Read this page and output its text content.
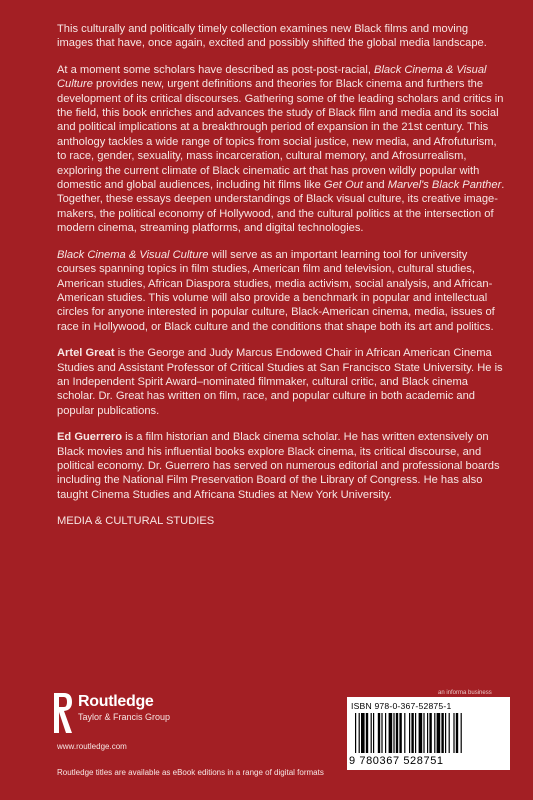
This culturally and politically timely collection examines new Black films and moving images that have, once again, excited and possibly shifted the global media landscape.

At a moment some scholars have described as post-post-racial, Black Cinema & Visual Culture provides new, urgent definitions and theories for Black cinema and furthers the development of its critical discourses. Gathering some of the leading scholars and critics in the field, this book enriches and advances the study of Black film and media and its social and political implications at a breakthrough period of expansion in the 21st century. This anthology tackles a wide range of topics from social justice, new media, and Afrofuturism, to race, gender, sexuality, mass incarceration, cultural memory, and Afrosurrealism, exploring the current climate of Black cinematic art that has proven wildly popular with domestic and global audiences, including hit films like Get Out and Marvel's Black Panther. Together, these essays deepen understandings of Black visual culture, its creative image-makers, the political economy of Hollywood, and the cultural politics at the intersection of modern cinema, streaming platforms, and digital technologies.

Black Cinema & Visual Culture will serve as an important learning tool for university courses spanning topics in film studies, American film and television, cultural studies, American studies, African Diaspora studies, media activism, social analysis, and African-American studies. This volume will also provide a benchmark in popular and intellectual circles for anyone interested in popular culture, Black-American cinema, media, issues of race in Hollywood, or Black culture and the conditions that shape both its art and politics.

Artel Great is the George and Judy Marcus Endowed Chair in African American Cinema Studies and Assistant Professor of Critical Studies at San Francisco State University. He is an Independent Spirit Award–nominated filmmaker, cultural critic, and Black cinema scholar. Dr. Great has written on film, race, and popular culture in both academic and popular publications.

Ed Guerrero is a film historian and Black cinema scholar. He has written extensively on Black movies and his influential books explore Black cinema, its critical discourse, and political economy. Dr. Guerrero has served on numerous editorial and professional boards including the National Film Preservation Board of the Library of Congress. He has also taught Cinema Studies and Africana Studies at New York University.

MEDIA & CULTURAL STUDIES

Routledge
Taylor & Francis Group
www.routledge.com
Routledge titles are available as eBook editions in a range of digital formats
an informa business
ISBN 978-0-367-52875-1
9 780367 528751
